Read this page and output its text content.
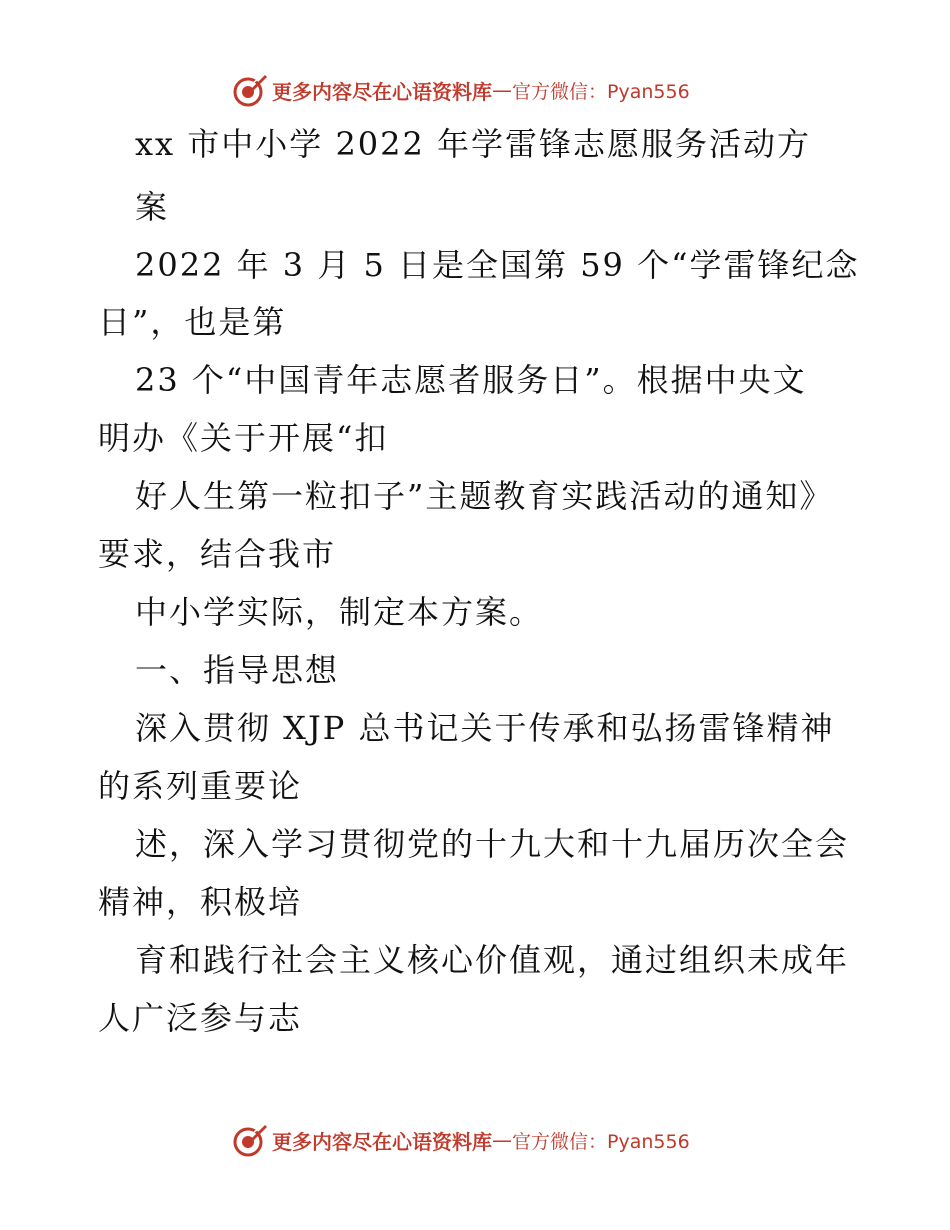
更多内容尽在心语资料库 — 官方微信：Pyan556
xx 市中小学 2022 年学雷锋志愿服务活动方
案
2022 年 3 月 5 日是全国第 59 个“学雷锋纪念
日”，也是第
23 个“中国青年志愿者服务日”。根据中央文
明办《关于开展“扣
好人生第一粒扣子”主题教育实践活动的通知》
要求，结合我市
中小学实际，制定本方案。
一、指导思想
深入贯彻 XJP 总书记关于传承和弘扬雷锋精神
的系列重要论
述，深入学习贯彻党的十九大和十九届历次全会
精神，积极培
育和践行社会主义核心价值观，通过组织未成年
人广泛参与志
更多内容尽在心语资料库 — 官方微信：Pyan556
